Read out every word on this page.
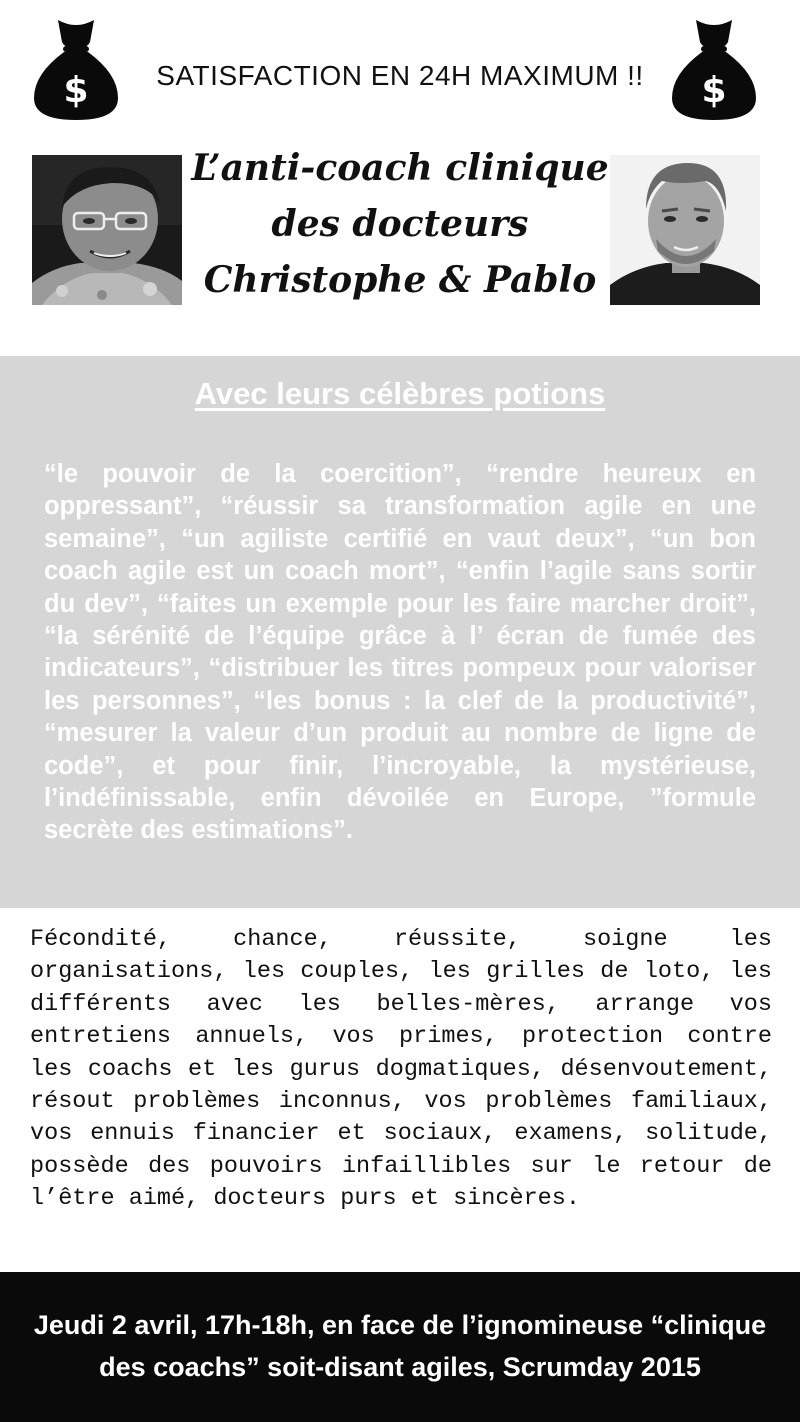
$	SATISFACTION EN 24H MAXIMUM !!	$
L’anti-coach clinique
des docteurs
Christophe & Pablo
Avec leurs célèbres potions
“le pouvoir de la coercition”, “rendre heureux en oppressant”, “réussir sa transformation agile en une semaine”, “un agiliste certifié en vaut deux”, “un bon coach agile est un coach mort”, “enfin l’agile sans sortir du dev”, “faites un exemple pour les faire marcher droit”, “la sérénité de l’équipe grâce à l’ écran de fumée des indicateurs”, “distribuer les titres pompeux pour valoriser les personnes”, “les bonus : la clef de la productivité”, “mesurer la valeur d’un produit au nombre de ligne de code”, et pour finir, l’incroyable, la mystérieuse, l’indéfinissable, enfin dévoilée en Europe, ”formule secrète des estimations”.
Fécondité, chance, réussite, soigne les organisations, les couples, les grilles de loto, les différents avec les belles-mères, arrange vos entretiens annuels, vos primes, protection contre les coachs et les gurus dogmatiques, désenvoutement, résout problèmes inconnus, vos problèmes familiaux, vos ennuis financier et sociaux, examens, solitude, possède des pouvoirs infaillibles sur le retour de l’être aimé, docteurs purs et sincères.
Jeudi 2 avril, 17h-18h, en face de l’ignomineuse “clinique
des coachs” soit-disant agiles, Scrumday 2015
